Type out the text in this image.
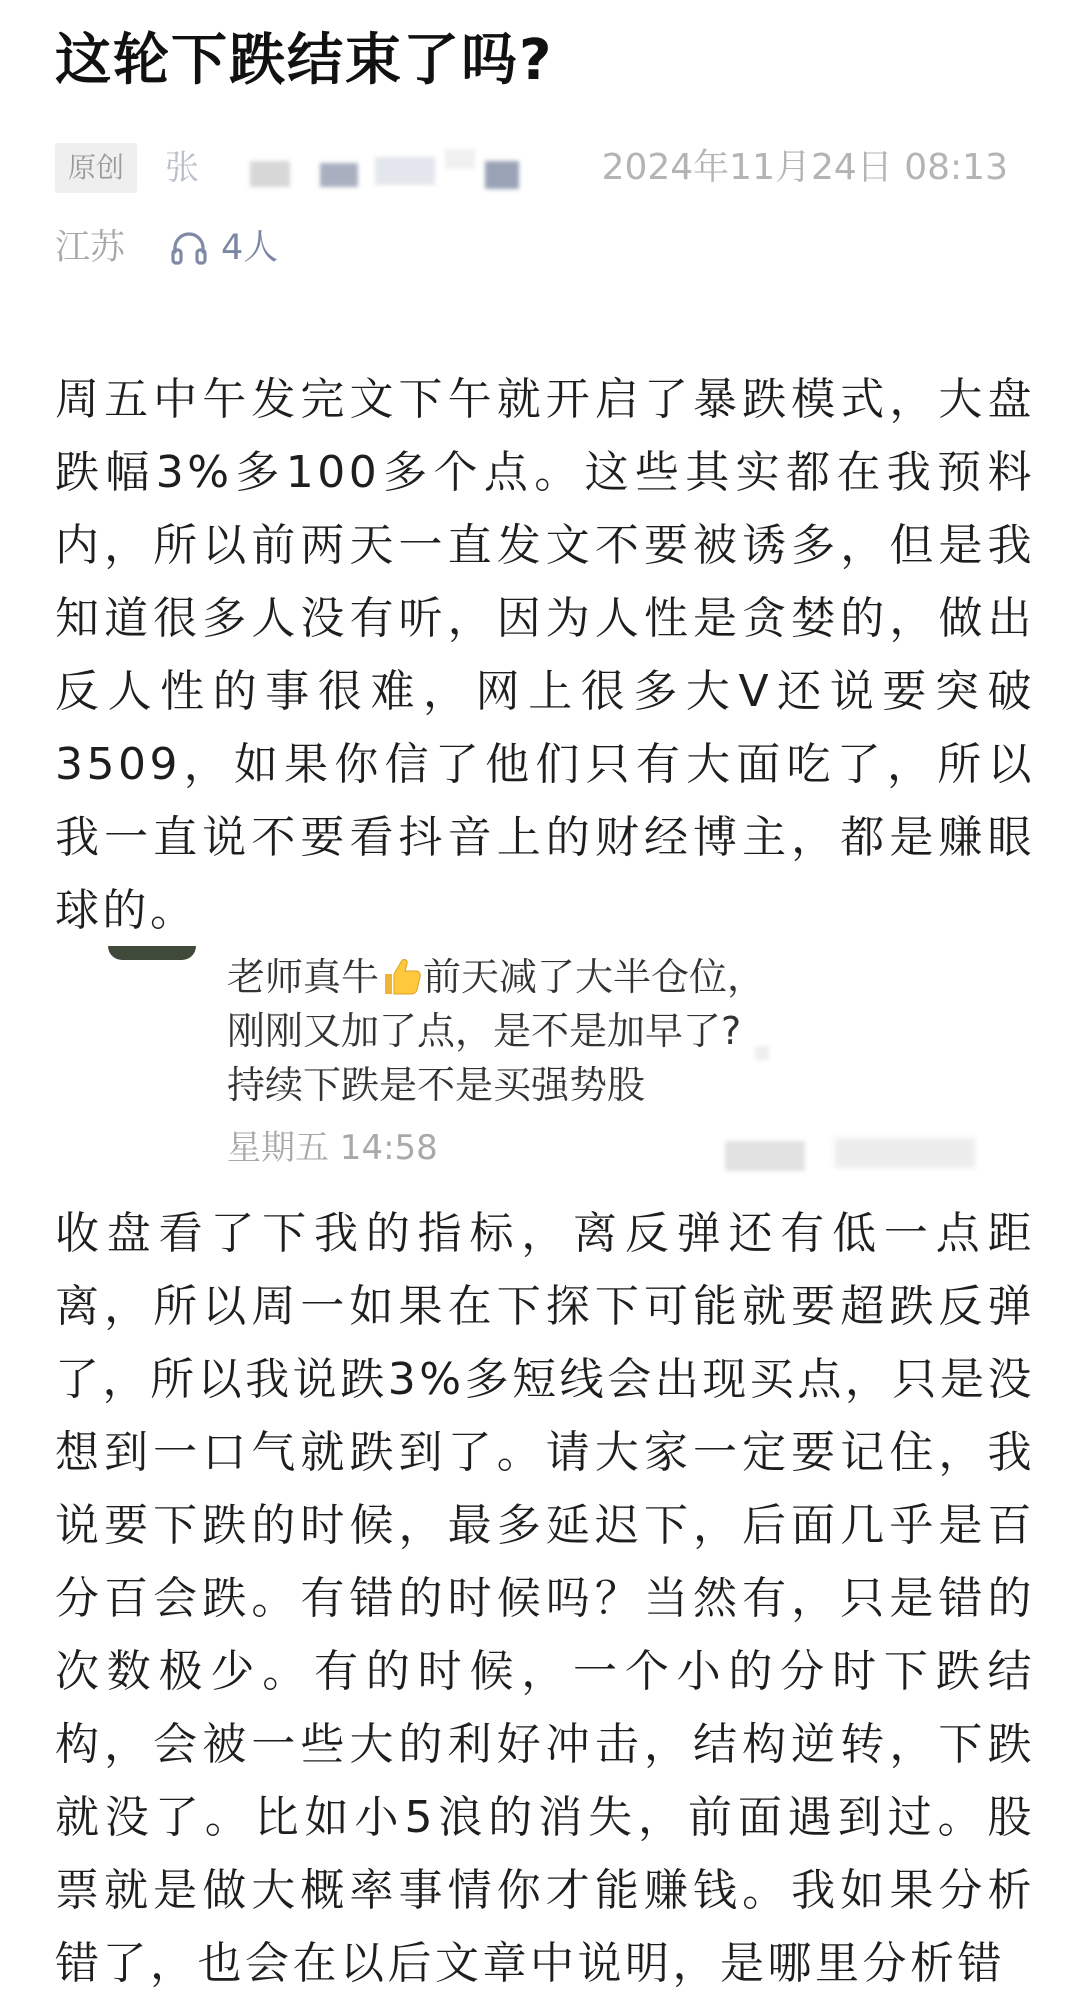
这轮下跌结束了吗?
原创	张	2024年11月24日 08:13
江苏	4人

周五中午发完文下午就开启了暴跌模式，大盘跌幅3%多100多个点。这些其实都在我预料内，所以前两天一直发文不要被诱多，但是我知道很多人没有听，因为人性是贪婪的，做出反人性的事很难，网上很多大V还说要突破3509，如果你信了他们只有大面吃了，所以我一直说不要看抖音上的财经博主，都是赚眼球的。

收盘看了下我的指标，离反弹还有低一点距离，所以周一如果在下探下可能就要超跌反弹了，所以我说跌3%多短线会出现买点，只是没想到一口气就跌到了。请大家一定要记住，我说要下跌的时候，最多延迟下，后面几乎是百分百会跌。有错的时候吗？当然有，只是错的次数极少。有的时候，一个小的分时下跌结构，会被一些大的利好冲击，结构逆转，下跌就没了。比如小5浪的消失，前面遇到过。股票就是做大概率事情你才能赚钱。我如果分析错了，也会在以后文章中说明，是哪里分析错

老师真牛 前天减了大半仓位，
刚刚又加了点，是不是加早了?
持续下跌是不是买强势股
星期五 14:58
